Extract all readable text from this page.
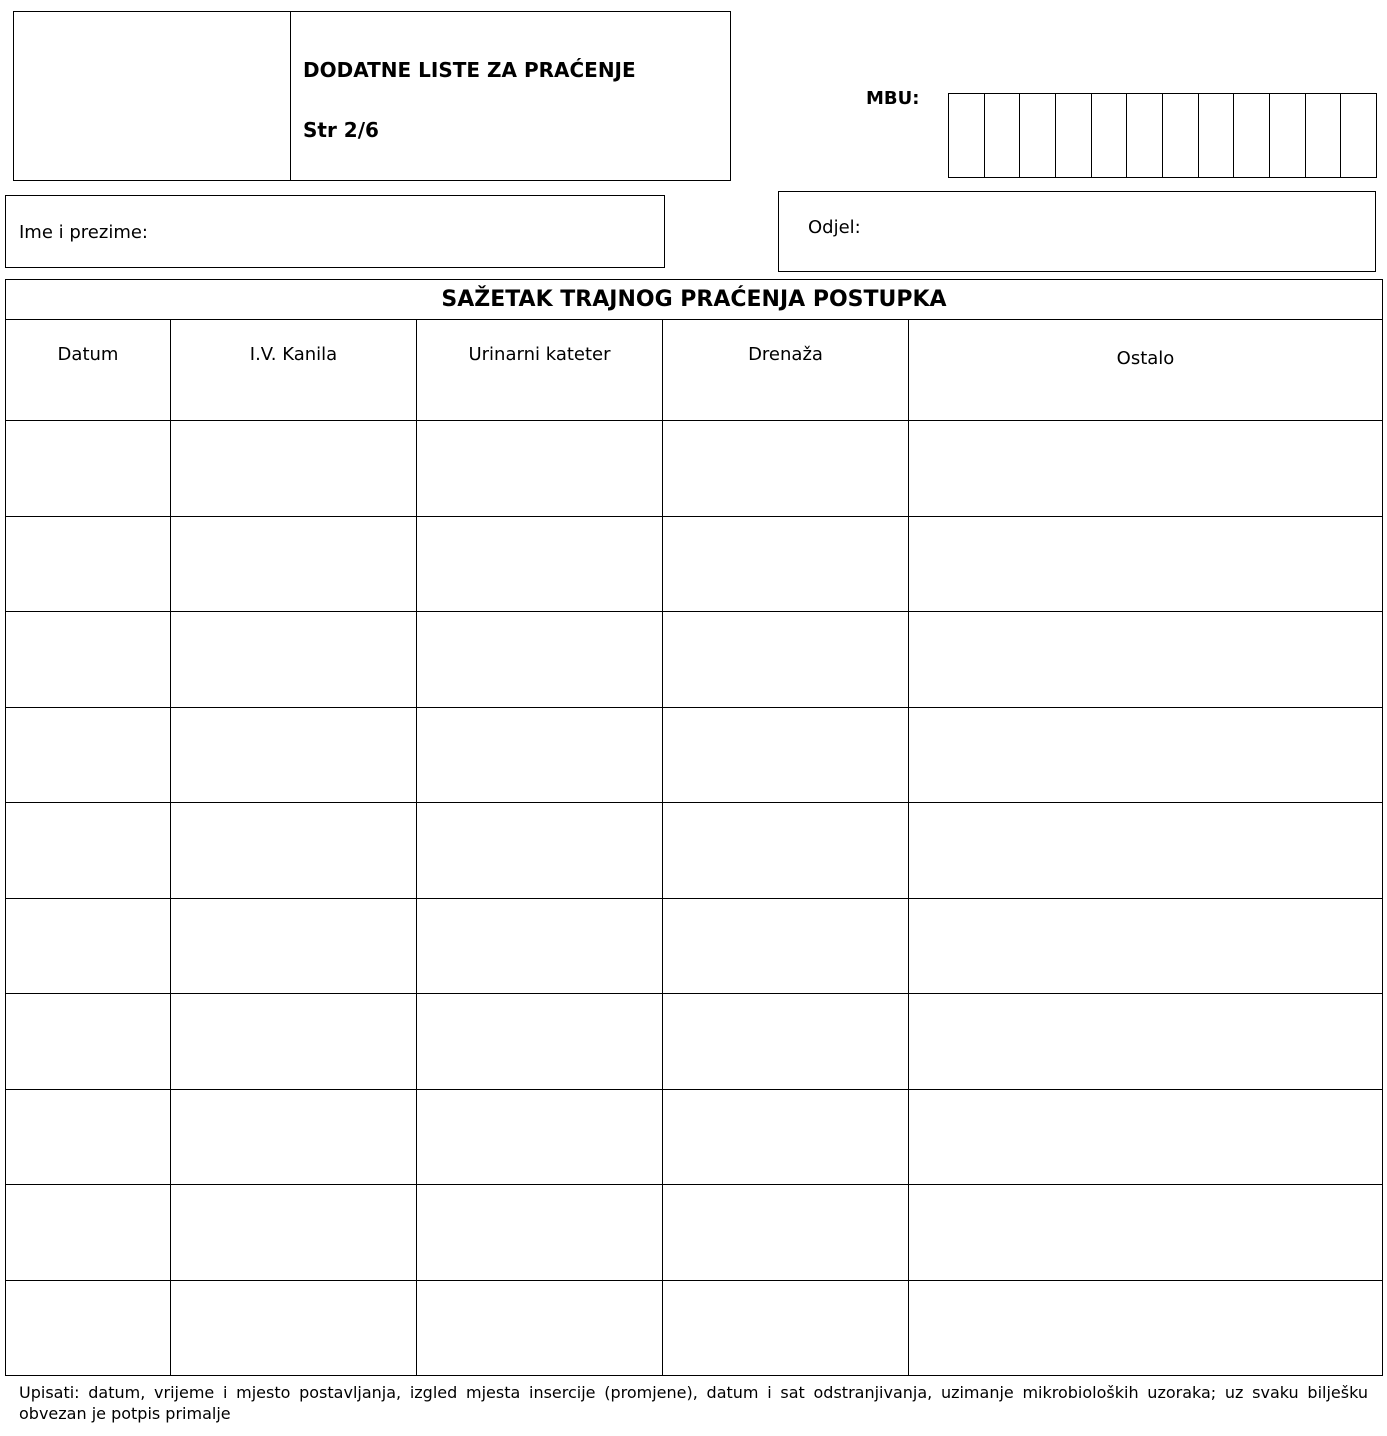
DODATNE LISTE ZA PRAĆENJE
Str 2/6
MBU:
Ime i prezime:	Odjel:
SAŽETAK TRAJNOG PRAĆENJA POSTUPKA				
Datum	I.V. Kanila	Urinarni kateter	Drenaža	Ostalo

Upisati: datum, vrijeme i mjesto postavljanja, izgled mjesta insercije (promjene), datum i sat odstranjivanja, uzimanje mikrobioloških uzoraka; uz svaku bilješku obvezan je potpis primalje
